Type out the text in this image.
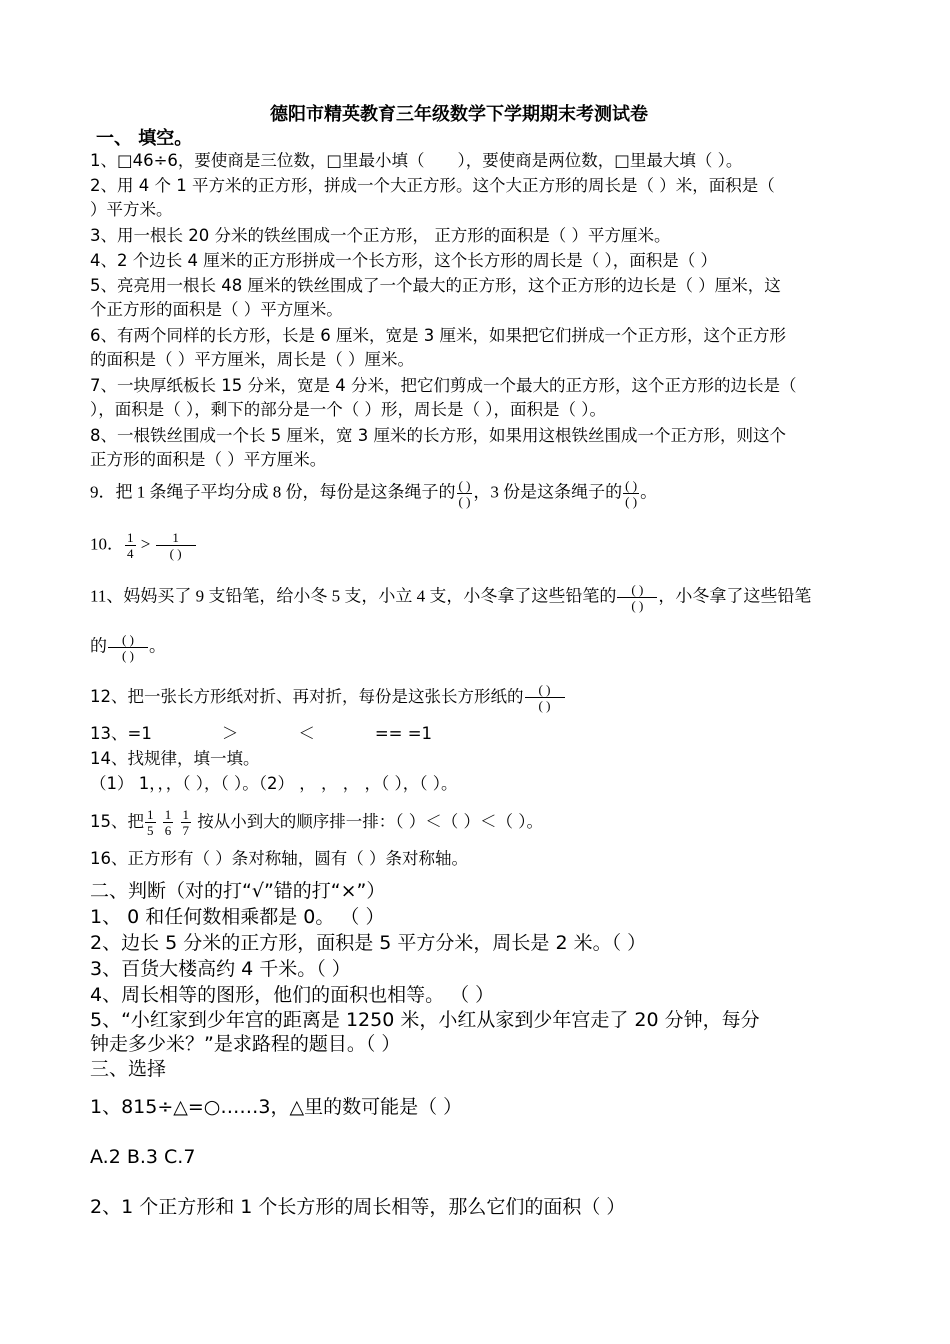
德阳市精英教育三年级数学下学期期末考测试卷
一、 填空。
1、□46÷6，要使商是三位数，□里最小填（　　），要使商是两位数，□里最大填（ ）。
2、用 4 个 1 平方米的正方形，拼成一个大正方形。这个大正方形的周长是（ ）米，面积是（
）平方米。
3、用一根长 20 分米的铁丝围成一个正方形， 正方形的面积是（ ）平方厘米。
4、2 个边长 4 厘米的正方形拼成一个长方形，这个长方形的周长是（ ），面积是（ ）
5、亮亮用一根长 48 厘米的铁丝围成了一个最大的正方形，这个正方形的边长是（ ）厘米，这
个正方形的面积是（ ）平方厘米。
6、有两个同样的长方形，长是 6 厘米，宽是 3 厘米，如果把它们拼成一个正方形，这个正方形
的面积是（ ）平方厘米，周长是（ ）厘米。
7、一块厚纸板长 15 分米，宽是 4 分米，把它们剪成一个最大的正方形，这个正方形的边长是（
），面积是（ ），剩下的部分是一个（ ）形，周长是（ ），面积是（ ）。
8、一根铁丝围成一个长 5 厘米，宽 3 厘米的长方形，如果用这根铁丝围成一个正方形，则这个
正方形的面积是（ ）平方厘米。
9．把 1 条绳子平均分成 8 份，每份是这条绳子的 $\frac{( )}{( )}$ ，3 份是这条绳子的 $\frac{( )}{( )}$ 。
10． $\frac{1}{4} > \frac{1}{( )}$
11、妈妈买了 9 支铅笔，给小冬 5 支，小立 4 支，小冬拿了这些铅笔的 $\frac{( )}{( )}$ ，小冬拿了这些铅笔
的 $\frac{( )}{( )}$ 。
12、把一张长方形纸对折、再对折，每份是这张长方形纸的 $\frac{( )}{( )}$
13、=1	＞	＜	== =1
14、找规律，填一填。
（1） 1，，，（ ），（ ）。（2） ， ， ， ，（ ），（ ）。
15、把 $\frac{1}{5}$
$\frac{1}{6}$
$\frac{1}{7}$ 按从小到大的顺序排一排：（ ）＜（ ）＜（ ）。
16、正方形有（ ）条对称轴，圆有（ ）条对称轴。
二、判断（对的打“√”错的打“×”）
1、 0 和任何数相乘都是 0。 （ ）
2、边长 5 分米的正方形，面积是 5 平方分米，周长是 2 米。（ ）
3、百货大楼高约 4 千米。（ ）
4、周长相等的图形，他们的面积也相等。 （ ）
5、“小红家到少年宫的距离是 1250 米，小红从家到少年宫走了 20 分钟，每分
钟走多少米？”是求路程的题目。（ ）
三、选择
1、815÷△=○……3，△里的数可能是（ ）
A.2 B.3 C.7
2、1 个正方形和 1 个长方形的周长相等，那么它们的面积（ ）
